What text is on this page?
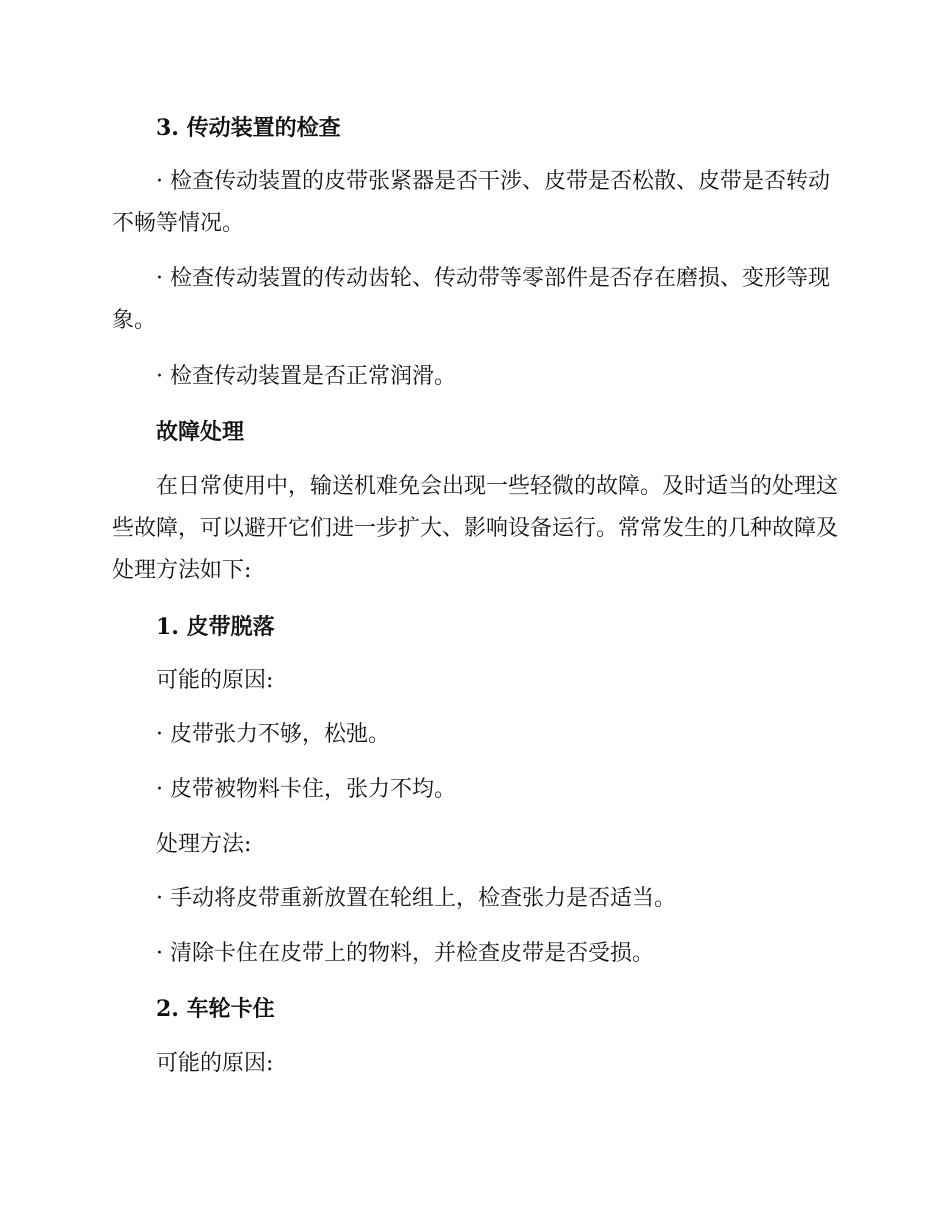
3. 传动装置的检查

· 检查传动装置的皮带张紧器是否干涉、皮带是否松散、皮带是否转动

不畅等情况。

· 检查传动装置的传动齿轮、传动带等零部件是否存在磨损、变形等现

象。

· 检查传动装置是否正常润滑。

故障处理

在日常使用中，输送机难免会出现一些轻微的故障。及时适当的处理这

些故障，可以避开它们进一步扩大、影响设备运行。常常发生的几种故障及

处理方法如下:

1. 皮带脱落

可能的原因:

· 皮带张力不够，松弛。

· 皮带被物料卡住，张力不均。

处理方法:

· 手动将皮带重新放置在轮组上，检查张力是否适当。

· 清除卡住在皮带上的物料，并检查皮带是否受损。

2. 车轮卡住

可能的原因:
